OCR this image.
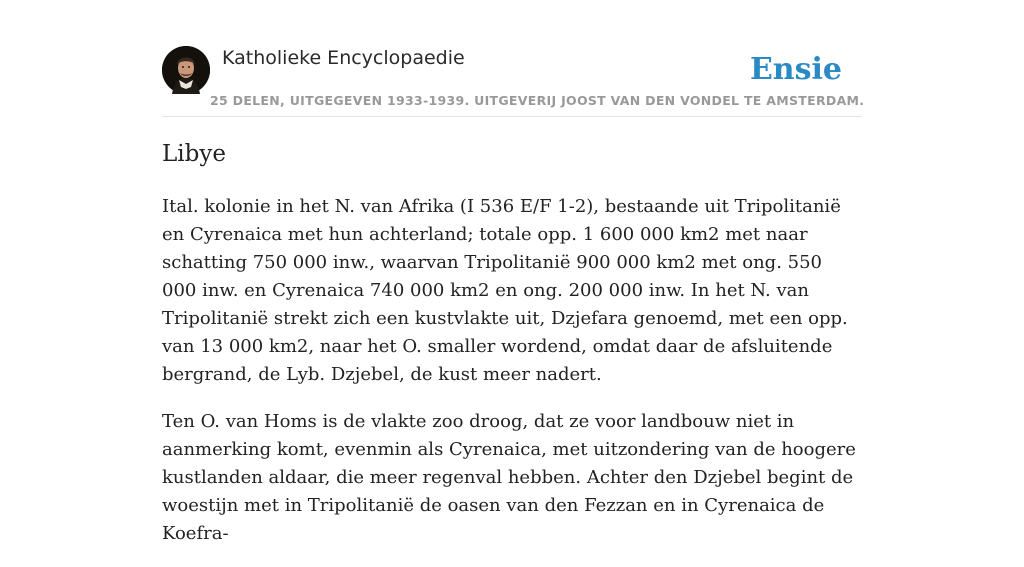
Katholieke Encyclopaedie
25 DELEN, UITGEGEVEN 1933-1939. UITGEVERIJ JOOST VAN DEN VONDEL TE AMSTERDAM.
Ensie
Libye

Ital. kolonie in het N. van Afrika (I 536 E/F 1-2), bestaande uit Tripolitanië en Cyrenaica met hun achterland; totale opp. 1 600 000 km2 met naar schatting 750 000 inw., waarvan Tripolitanië 900 000 km2 met ong. 550 000 inw. en Cyrenaica 740 000 km2 en ong. 200 000 inw. In het N. van Tripolitanië strekt zich een kustvlakte uit, Dzjefara genoemd, met een opp. van 13 000 km2, naar het O. smaller wordend, omdat daar de afsluitende bergrand, de Lyb. Dzjebel, de kust meer nadert.

Ten O. van Homs is de vlakte zoo droog, dat ze voor landbouw niet in aanmerking komt, evenmin als Cyrenaica, met uitzondering van de hoogere kustlanden aldaar, die meer regenval hebben. Achter den Dzjebel begint de woestijn met in Tripolitanië de oasen van den Fezzan en in Cyrenaica de Koefra-
